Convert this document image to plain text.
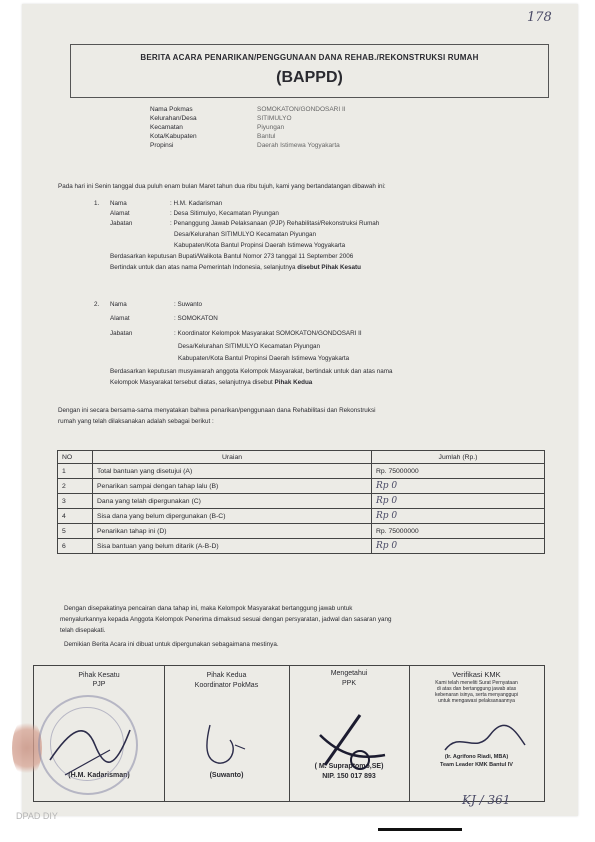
178
BERITA ACARA PENARIKAN/PENGGUNAAN DANA REHAB./REKONSTRUKSI RUMAH
(BAPPD)
Nama Pokmas	SOMOKATON/GONDOSARI II
Kelurahan/Desa	SITIMULYO
Kecamatan	Piyungan
Kota/Kabupaten	Bantul
Propinsi	Daerah Istimewa Yogyakarta
Pada hari ini Senin tanggal dua puluh enam bulan Maret tahun dua ribu tujuh, kami yang bertandatangan dibawah ini:
1. Nama	: H.M. Kadarisman
Alamat	: Desa Sitimulyo, Kecamatan Piyungan
Jabatan	: Penanggung Jawab Pelaksanaan (PJP) Rehabilitasi/Rekonstruksi Rumah
Desa/Kelurahan SITIMULYO Kecamatan Piyungan
Kabupaten/Kota Bantul Propinsi Daerah Istimewa Yogyakarta
Berdasarkan keputusan Bupati/Walikota Bantul Nomor 273 tanggal 11 September 2006
Bertindak untuk dan atas nama Pemerintah Indonesia, selanjutnya disebut Pihak Kesatu
2. Nama	: Suwanto
Alamat	: SOMOKATON
Jabatan	: Koordinator Kelompok Masyarakat SOMOKATON/GONDOSARI II
Desa/Kelurahan SITIMULYO Kecamatan Piyungan
Kabupaten/Kota Bantul Propinsi Daerah Istimewa Yogyakarta
Berdasarkan keputusan musyawarah anggota Kelompok Masyarakat, bertindak untuk dan atas nama
Kelompok Masyarakat tersebut diatas, selanjutnya disebut Pihak Kedua
Dengan ini secara bersama-sama menyatakan bahwa penarikan/penggunaan dana Rehabilitasi dan Rekonstruksi
rumah yang telah dilaksanakan adalah sebagai berikut :
NO	Uraian	Jumlah (Rp.)
1	Total bantuan yang disetujui (A)	Rp. 75000000
2	Penarikan sampai dengan tahap lalu (B)	Rp 0
3	Dana yang telah dipergunakan (C)	Rp 0
4	Sisa dana yang belum dipergunakan (B-C)	Rp 0
5	Penarikan tahap ini (D)	Rp. 75000000
6	Sisa bantuan yang belum ditarik (A-B-D)	Rp 0
Dengan disepakatinya pencairan dana tahap ini, maka Kelompok Masyarakat bertanggung jawab untuk
menyalurkannya kepada Anggota Kelompok Penerima dimaksud sesuai dengan persyaratan, jadwal dan sasaran yang
telah disepakati.
Demikian Berita Acara ini dibuat untuk dipergunakan sebagaimana mestinya.
Pihak Kesatu
PJP
(H.M. Kadarisman)
Pihak Kedua
Koordinator PokMas
(Suwanto)
Mengetahui
PPK
( M. Supraptomo,SE)
NIP. 150 017 893
Verifikasi KMK
Kami telah meneliti Surat Pernyataan
di atas dan bertanggung jawab atas
kebenaran isinya, serta menyanggupi
untuk mengawasi pelaksanaannya
(Ir. Agrifono Riadi, MBA)
Team Leader KMK Bantul IV
KJ / 361
DPAD DIY
